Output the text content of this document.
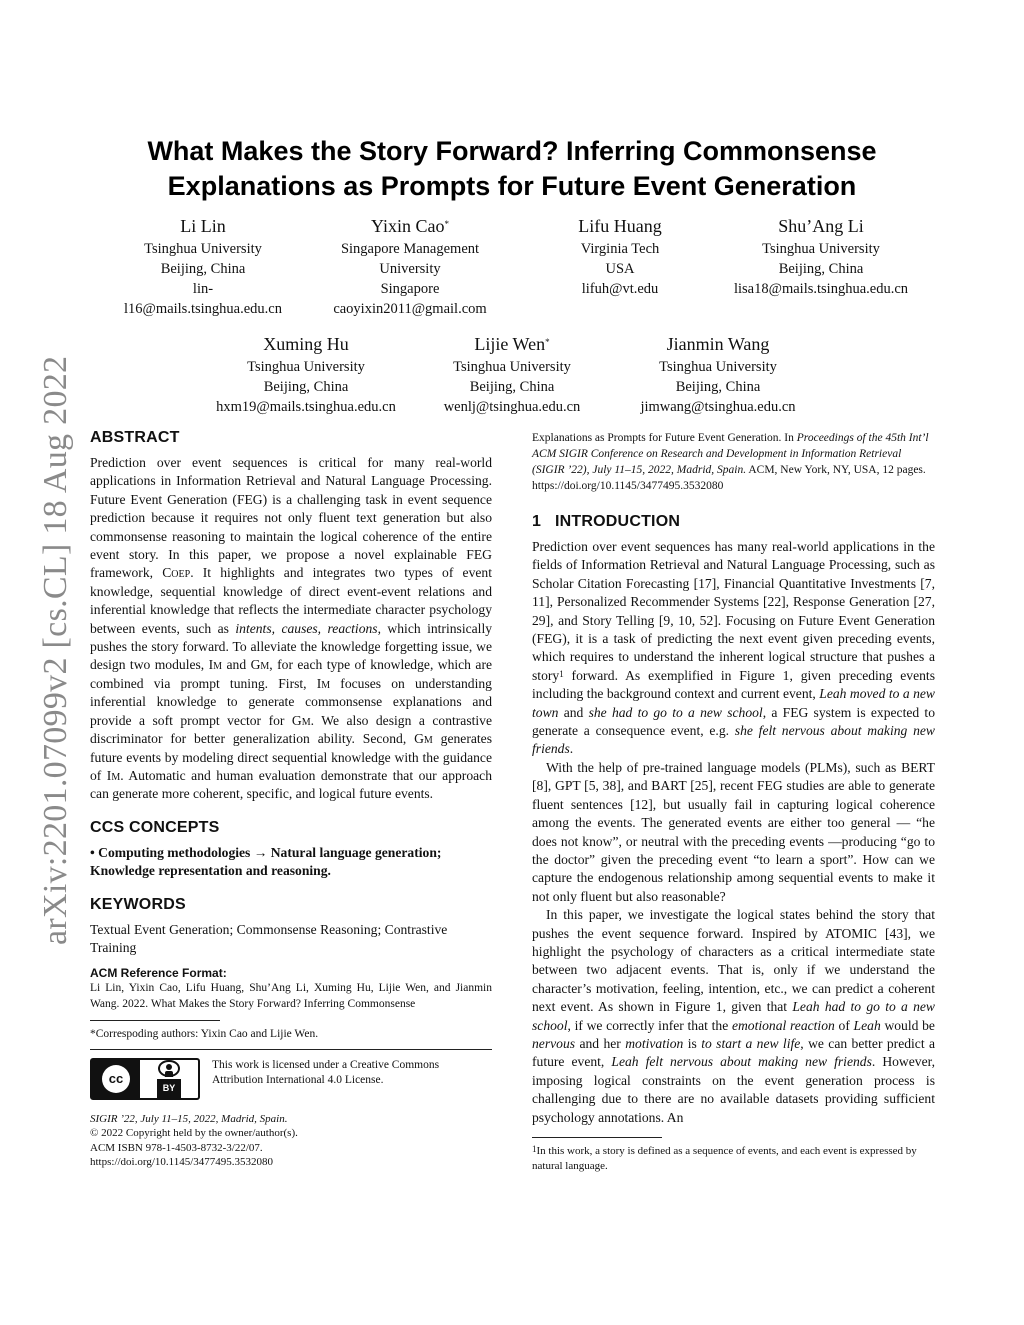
arXiv:2201.07099v2 [cs.CL] 18 Aug 2022
What Makes the Story Forward? Inferring Commonsense
Explanations as Prompts for Future Event Generation
Li Lin
Tsinghua University
Beijing, China
lin-
l16@mails.tsinghua.edu.cn
Yixin Cao*
Singapore Management
University
Singapore
caoyixin2011@gmail.com
Lifu Huang
Virginia Tech
USA
lifuh@vt.edu
Shu’Ang Li
Tsinghua University
Beijing, China
lisa18@mails.tsinghua.edu.cn
Xuming Hu
Tsinghua University
Beijing, China
hxm19@mails.tsinghua.edu.cn
Lijie Wen*
Tsinghua University
Beijing, China
wenlj@tsinghua.edu.cn
Jianmin Wang
Tsinghua University
Beijing, China
jimwang@tsinghua.edu.cn
ABSTRACT

Prediction over event sequences is critical for many real-world applications in Information Retrieval and Natural Language Processing. Future Event Generation (FEG) is a challenging task in event sequence prediction because it requires not only fluent text generation but also commonsense reasoning to maintain the logical coherence of the entire event story. In this paper, we propose a novel explainable FEG framework, Coep. It highlights and integrates two types of event knowledge, sequential knowledge of direct event-event relations and inferential knowledge that reflects the intermediate character psychology between events, such as intents, causes, reactions, which intrinsically pushes the story forward. To alleviate the knowledge forgetting issue, we design two modules, Im and Gm, for each type of knowledge, which are combined via prompt tuning. First, Im focuses on understanding inferential knowledge to generate commonsense explanations and provide a soft prompt vector for Gm. We also design a contrastive discriminator for better generalization ability. Second, Gm generates future events by modeling direct sequential knowledge with the guidance of Im. Automatic and human evaluation demonstrate that our approach can generate more coherent, specific, and logical future events.

CCS CONCEPTS

• Computing methodologies → Natural language generation; Knowledge representation and reasoning.

KEYWORDS

Textual Event Generation; Commonsense Reasoning; Contrastive Training

ACM Reference Format:

Li Lin, Yixin Cao, Lifu Huang, Shu’Ang Li, Xuming Hu, Lijie Wen, and Jianmin Wang. 2022. What Makes the Story Forward? Inferring Commonsense

*Correspoding authors: Yixin Cao and Lijie Wen.

cc
BY
This work is licensed under a Creative Commons Attribution International 4.0 License.
SIGIR ’22, July 11–15, 2022, Madrid, Spain.
© 2022 Copyright held by the owner/author(s).
ACM ISBN 978-1-4503-8732-3/22/07.
https://doi.org/10.1145/3477495.3532080

Explanations as Prompts for Future Event Generation. In Proceedings of the 45th Int’l ACM SIGIR Conference on Research and Development in Information Retrieval (SIGIR ’22), July 11–15, 2022, Madrid, Spain. ACM, New York, NY, USA, 12 pages. https://doi.org/10.1145/3477495.3532080

1   INTRODUCTION

Prediction over event sequences has many real-world applications in the fields of Information Retrieval and Natural Language Processing, such as Scholar Citation Forecasting [17], Financial Quantitative Investments [7, 11], Personalized Recommender Systems [22], Response Generation [27, 29], and Story Telling [9, 10, 52]. Focusing on Future Event Generation (FEG), it is a task of predicting the next event given preceding events, which requires to understand the inherent logical structure that pushes a story$^1$ forward. As exemplified in Figure 1, given preceding events including the background context and current event, Leah moved to a new town and she had to go to a new school, a FEG system is expected to generate a consequence event, e.g. she felt nervous about making new friends.

With the help of pre-trained language models (PLMs), such as BERT [8], GPT [5, 38], and BART [25], recent FEG studies are able to generate fluent sentences [12], but usually fail in capturing logical coherence among the events. The generated events are either too general — “he does not know”, or neutral with the preceding events —producing “go to the doctor” given the preceding event “to learn a sport”. How can we capture the endogenous relationship among sequential events to make it not only fluent but also reasonable?

In this paper, we investigate the logical states behind the story that pushes the event sequence forward. Inspired by ATOMIC [43], we highlight the psychology of characters as a critical intermediate state between two adjacent events. That is, only if we understand the character’s motivation, feeling, intention, etc., we can predict a coherent next event. As shown in Figure 1, given that Leah had to go to a new school, if we correctly infer that the emotional reaction of Leah would be nervous and her motivation is to start a new life, we can better predict a future event, Leah felt nervous about making new friends. However, imposing logical constraints on the event generation process is challenging due to there are no available datasets providing sufficient psychology annotations. An

$^1$In this work, a story is defined as a sequence of events, and each event is expressed by natural language.
